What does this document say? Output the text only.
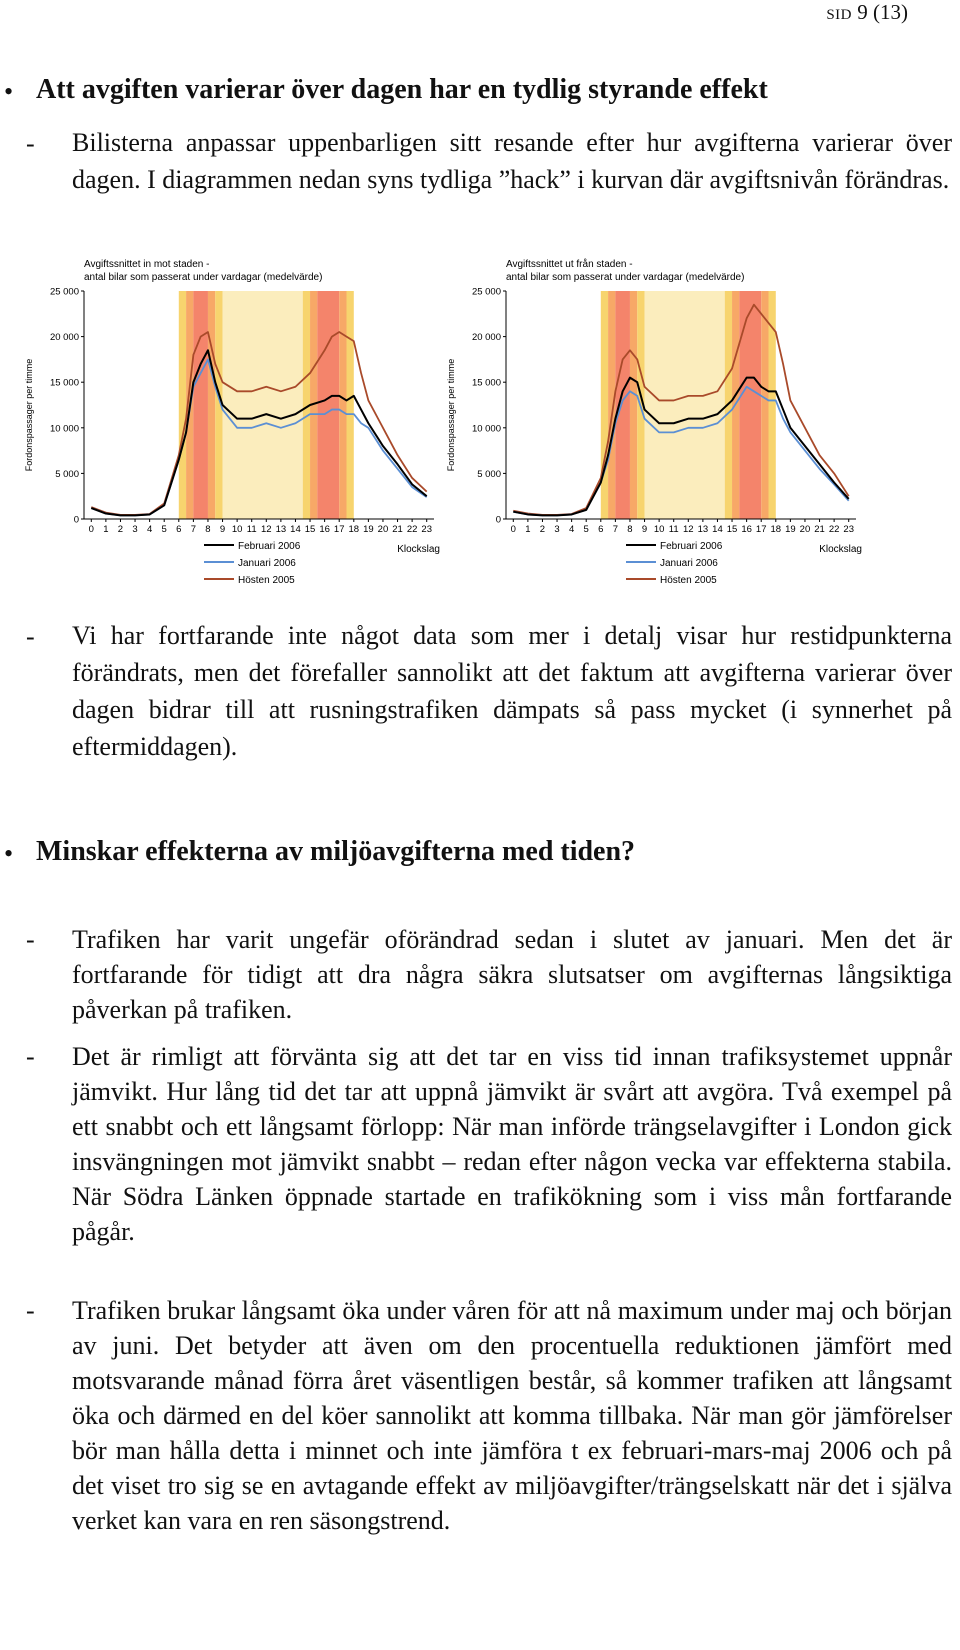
SID 9 (13)
• Att avgiften varierar över dagen har en tydlig styrande effekt
- Bilisterna anpassar uppenbarligen sitt resande efter hur avgifterna varierar över dagen. I diagrammen nedan syns tydliga ”hack” i kurvan där avgiftsnivån förändras.
Avgiftssnittet in mot staden -
antal bilar som passerat under vardagar (medelvärde)
0
5 000
10 000
15 000
20 000
25 000
Fordonspassager per timme
0 1 2 3 4 5 6 7 8 9 10 11 12 13 14 15 16 17 18 19 20 21 22 23
Februari 2006
Januari 2006
Hösten 2005
Klockslag
Avgiftssnittet ut från staden -
antal bilar som passerat under vardagar (medelvärde)
0
5 000
10 000
15 000
20 000
25 000
Fordonspassager per timme
0 1 2 3 4 5 6 7 8 9 10 11 12 13 14 15 16 17 18 19 20 21 22 23
Februari 2006
Januari 2006
Hösten 2005
Klockslag
- Vi har fortfarande inte något data som mer i detalj visar hur restidpunkterna förändrats, men det förefaller sannolikt att det faktum att avgifterna varierar över dagen bidrar till att rusningstrafiken dämpats så pass mycket (i synnerhet på eftermiddagen).
• Minskar effekterna av miljöavgifterna med tiden?
- Trafiken har varit ungefär oförändrad sedan i slutet av januari. Men det är fortfarande för tidigt att dra några säkra slutsatser om avgifternas långsiktiga påverkan på trafiken.
- Det är rimligt att förvänta sig att det tar en viss tid innan trafiksystemet uppnår jämvikt. Hur lång tid det tar att uppnå jämvikt är svårt att avgöra. Två exempel på ett snabbt och ett långsamt förlopp: När man införde trängselavgifter i London gick insvängningen mot jämvikt snabbt – redan efter någon vecka var effekterna stabila. När Södra Länken öppnade startade en trafikökning som i viss mån fortfarande pågår.
- Trafiken brukar långsamt öka under våren för att nå maximum under maj och början av juni. Det betyder att även om den procentuella reduktionen jämfört med motsvarande månad förra året väsentligen består, så kommer trafiken att långsamt öka och därmed en del köer sannolikt att komma tillbaka. När man gör jämförelser bör man hålla detta i minnet och inte jämföra t ex februari-mars-maj 2006 och på det viset tro sig se en avtagande effekt av miljöavgifter/trängselskatt när det i själva verket kan vara en ren säsongstrend.
